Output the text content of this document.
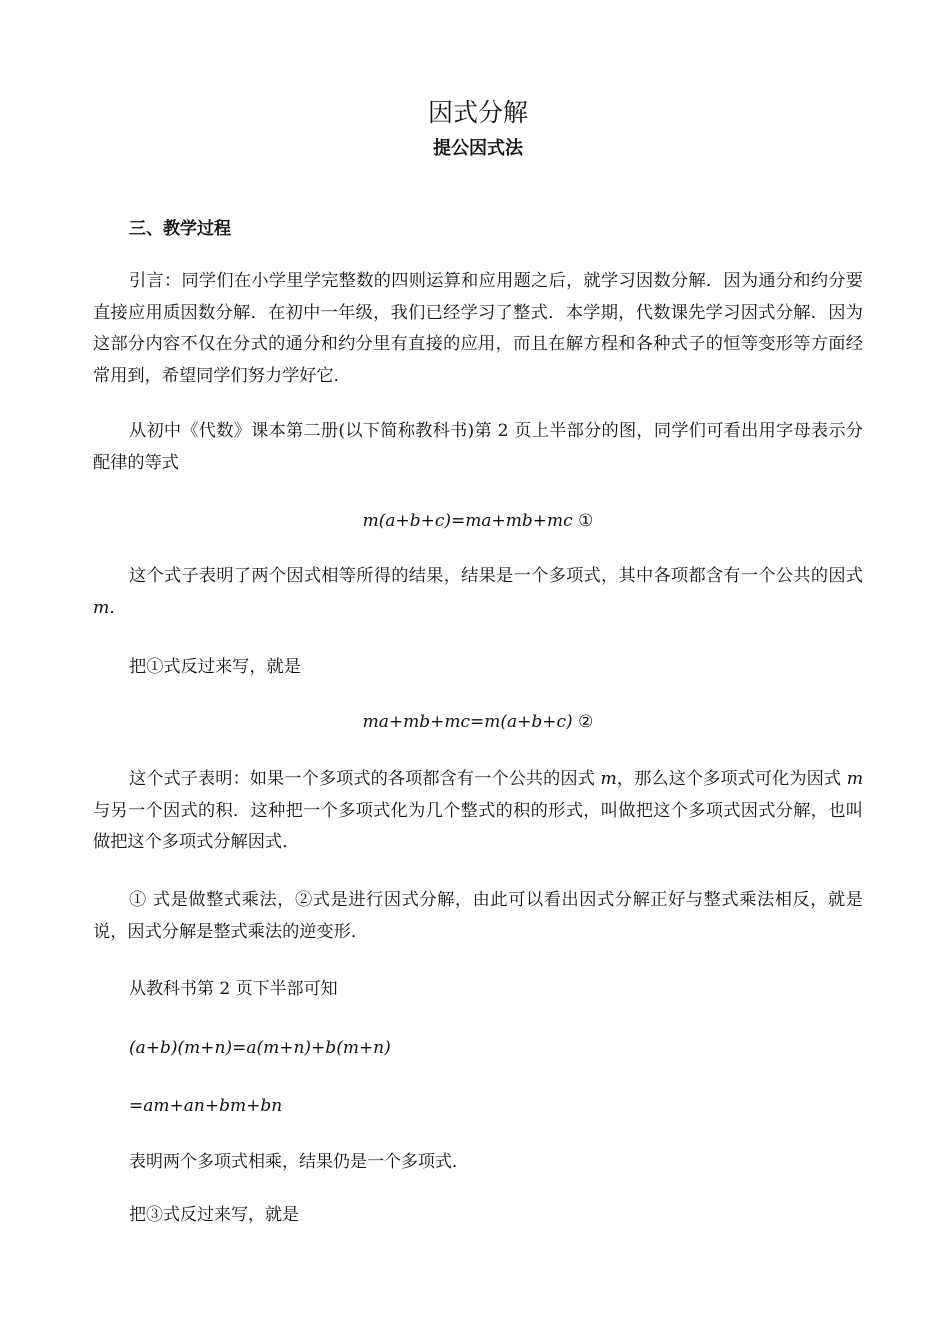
因式分解
提公因式法
三、教学过程

引言：同学们在小学里学完整数的四则运算和应用题之后，就学习因数分解．因为通分和约分要直接应用质因数分解．在初中一年级，我们已经学习了整式．本学期，代数课先学习因式分解．因为这部分内容不仅在分式的通分和约分里有直接的应用，而且在解方程和各种式子的恒等变形等方面经常用到，希望同学们努力学好它．

从初中《代数》课本第二册(以下简称教科书)第 2 页上半部分的图，同学们可看出用字母表示分配律的等式

m(a+b+c)=ma+mb+mc ①

这个式子表明了两个因式相等所得的结果，结果是一个多项式，其中各项都含有一个公共的因式 m．

把①式反过来写，就是

ma+mb+mc=m(a+b+c) ②

这个式子表明：如果一个多项式的各项都含有一个公共的因式 m，那么这个多项式可化为因式 m 与另一个因式的积．这种把一个多项式化为几个整式的积的形式，叫做把这个多项式因式分解，也叫做把这个多项式分解因式．

① 式是做整式乘法，②式是进行因式分解，由此可以看出因式分解正好与整式乘法相反，就是说，因式分解是整式乘法的逆变形．

从教科书第 2 页下半部可知
(a+b)(m+n)=a(m+n)+b(m+n)
=am+an+bm+bn
表明两个多项式相乘，结果仍是一个多项式．
把③式反过来写，就是
